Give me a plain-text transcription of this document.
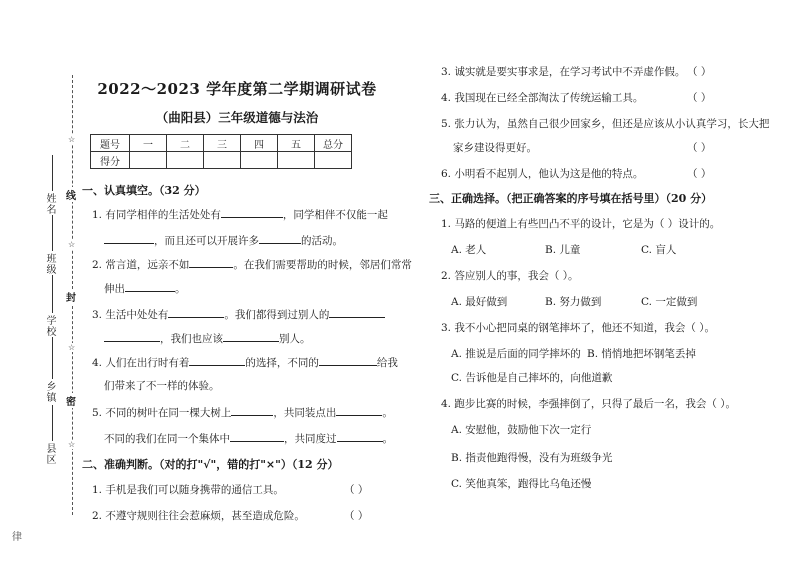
姓名
班级
学校
乡镇
县区
线
封
密
☆
☆
☆
☆
律
2022～2023 学年度第二学期调研试卷
（曲阳县）三年级道德与法治
题号	一	二	三	四	五	总分
得分						
一、认真填空。（32 分）
1. 有同学相伴的生活处处有	，同学相伴不仅能一起
，而且还可以开展许多	的活动。
2. 常言道，远亲不如	。在我们需要帮助的时候，邻居们常常
伸出	。
3. 生活中处处有	。我们都得到过别人的
，我们也应该	别人。
4. 人们在出行时有着	的选择，不同的	给我
们带来了不一样的体验。
5. 不同的树叶在同一棵大树上	，共同装点出	。
不同的我们在同一个集体中	，共同度过	。
二、准确判断。（对的打"√"，错的打"×"）（12 分）
1. 手机是我们可以随身携带的通信工具。	（ ）
2. 不遵守规则往往会惹麻烦，甚至造成危险。	（ ）
3. 诚实就是要实事求是，在学习考试中不弄虚作假。 （ ）
4. 我国现在已经全部淘汰了传统运输工具。	（ ）
5. 张力认为，虽然自己很少回家乡，但还是应该从小认真学习，长大把
家乡建设得更好。	（ ）
6. 小明看不起别人，他认为这是他的特点。	（ ）
三、正确选择。（把正确答案的序号填在括号里）（20 分）
1. 马路的便道上有些凹凸不平的设计，它是为（ ）设计的。
A. 老人	B. 儿童	C. 盲人
2. 答应别人的事，我会（ ）。
A. 最好做到	B. 努力做到	C. 一定做到
3. 我不小心把同桌的钢笔摔坏了，他还不知道，我会（ ）。
A. 推说是后面的同学摔坏的 B. 悄悄地把坏钢笔丢掉
C. 告诉他是自己摔坏的，向他道歉
4. 跑步比赛的时候，李强摔倒了，只得了最后一名，我会（ ）。
A. 安慰他，鼓励他下次一定行
B. 指责他跑得慢，没有为班级争光
C. 笑他真笨，跑得比乌龟还慢
